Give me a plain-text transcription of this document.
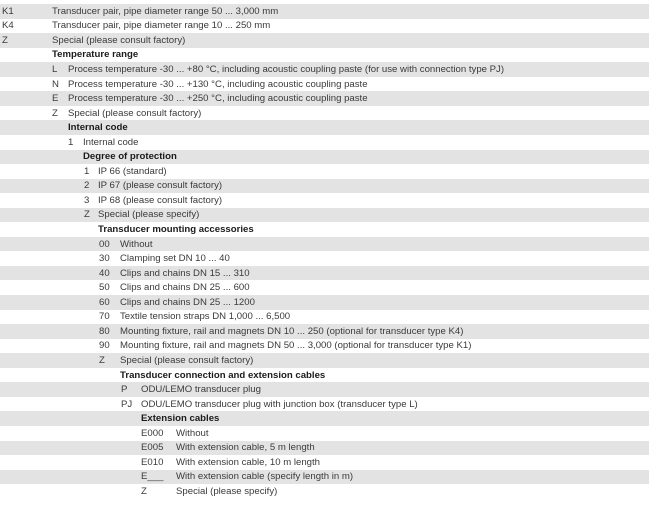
K1	Transducer pair, pipe diameter range 50 ... 3,000 mm
K4	Transducer pair, pipe diameter range 10 ... 250 mm
Z	Special (please consult factory)
Temperature range
L Process temperature -30 ... +80 °C, including acoustic coupling paste (for use with connection type PJ)
N Process temperature -30 ... +130 °C, including acoustic coupling paste
E Process temperature -30 ... +250 °C, including acoustic coupling paste
Z Special (please consult factory)
Internal code
1 Internal code
Degree of protection
1 IP 66 (standard)
2 IP 67 (please consult factory)
3 IP 68 (please consult factory)
Z Special (please specify)
Transducer mounting accessories
00 Without
30 Clamping set DN 10 ... 40
40 Clips and chains DN 15 ... 310
50 Clips and chains DN 25 ... 600
60 Clips and chains DN 25 ... 1200
70 Textile tension straps DN 1,000 ... 6,500
80 Mounting fixture, rail and magnets DN 10 ... 250 (optional for transducer type K4)
90 Mounting fixture, rail and magnets DN 50 ... 3,000 (optional for transducer type K1)
Z Special (please consult factory)
Transducer connection and extension cables
P ODU/LEMO transducer plug
PJ ODU/LEMO transducer plug with junction box (transducer type L)
Extension cables
E000 Without
E005 With extension cable, 5 m length
E010 With extension cable, 10 m length
E___ With extension cable (specify length in m)
Z	Special (please specify)
